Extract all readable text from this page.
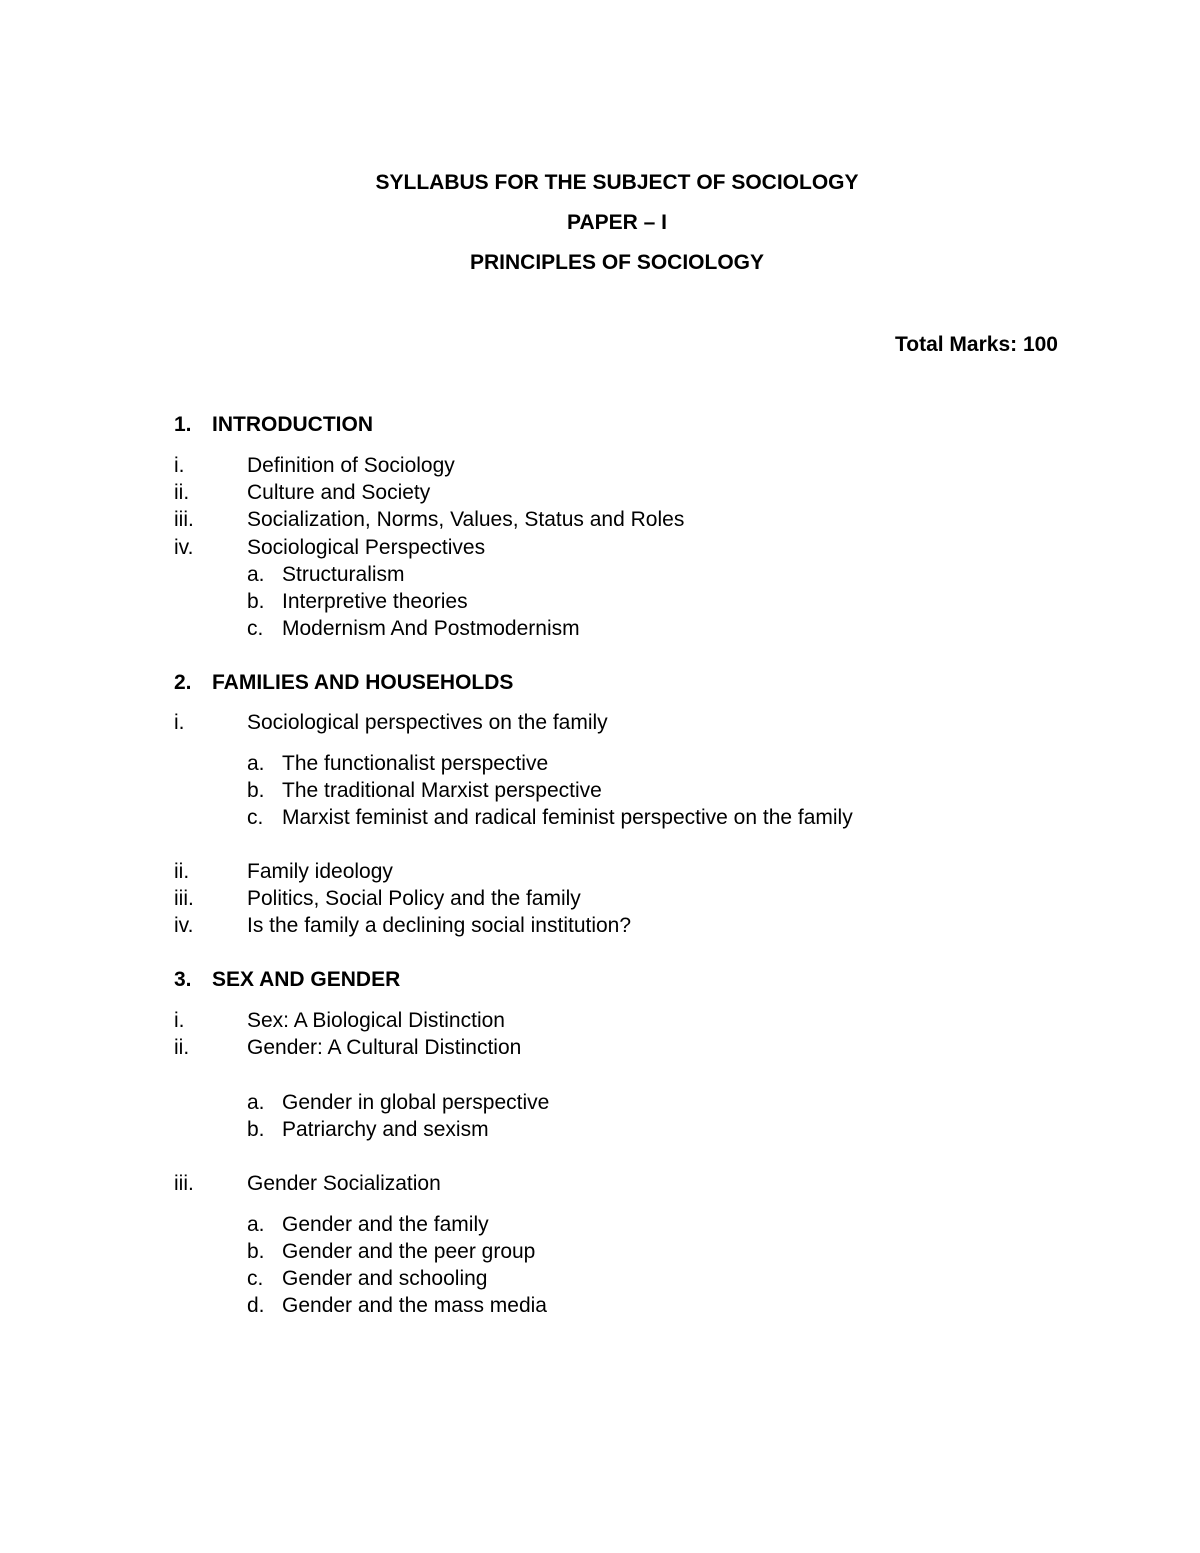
SYLLABUS FOR THE SUBJECT OF SOCIOLOGY
PAPER – I
PRINCIPLES OF SOCIOLOGY
Total Marks: 100
1. INTRODUCTION
i.	Definition of Sociology
ii.	Culture and Society
iii.	Socialization, Norms, Values, Status and Roles
iv.	Sociological Perspectives
a. Structuralism
b. Interpretive theories
c. Modernism And Postmodernism
2. FAMILIES AND HOUSEHOLDS
i.	Sociological perspectives on the family
a. The functionalist perspective
b. The traditional Marxist perspective
c. Marxist feminist and radical feminist perspective on the family
ii.	Family ideology
iii.	Politics, Social Policy and the family
iv.	Is the family a declining social institution?
3. SEX AND GENDER
i.	Sex: A Biological Distinction
ii.	Gender: A Cultural Distinction
a. Gender in global perspective
b. Patriarchy and sexism
iii.	Gender Socialization
a. Gender and the family
b. Gender and the peer group
c. Gender and schooling
d. Gender and the mass media
